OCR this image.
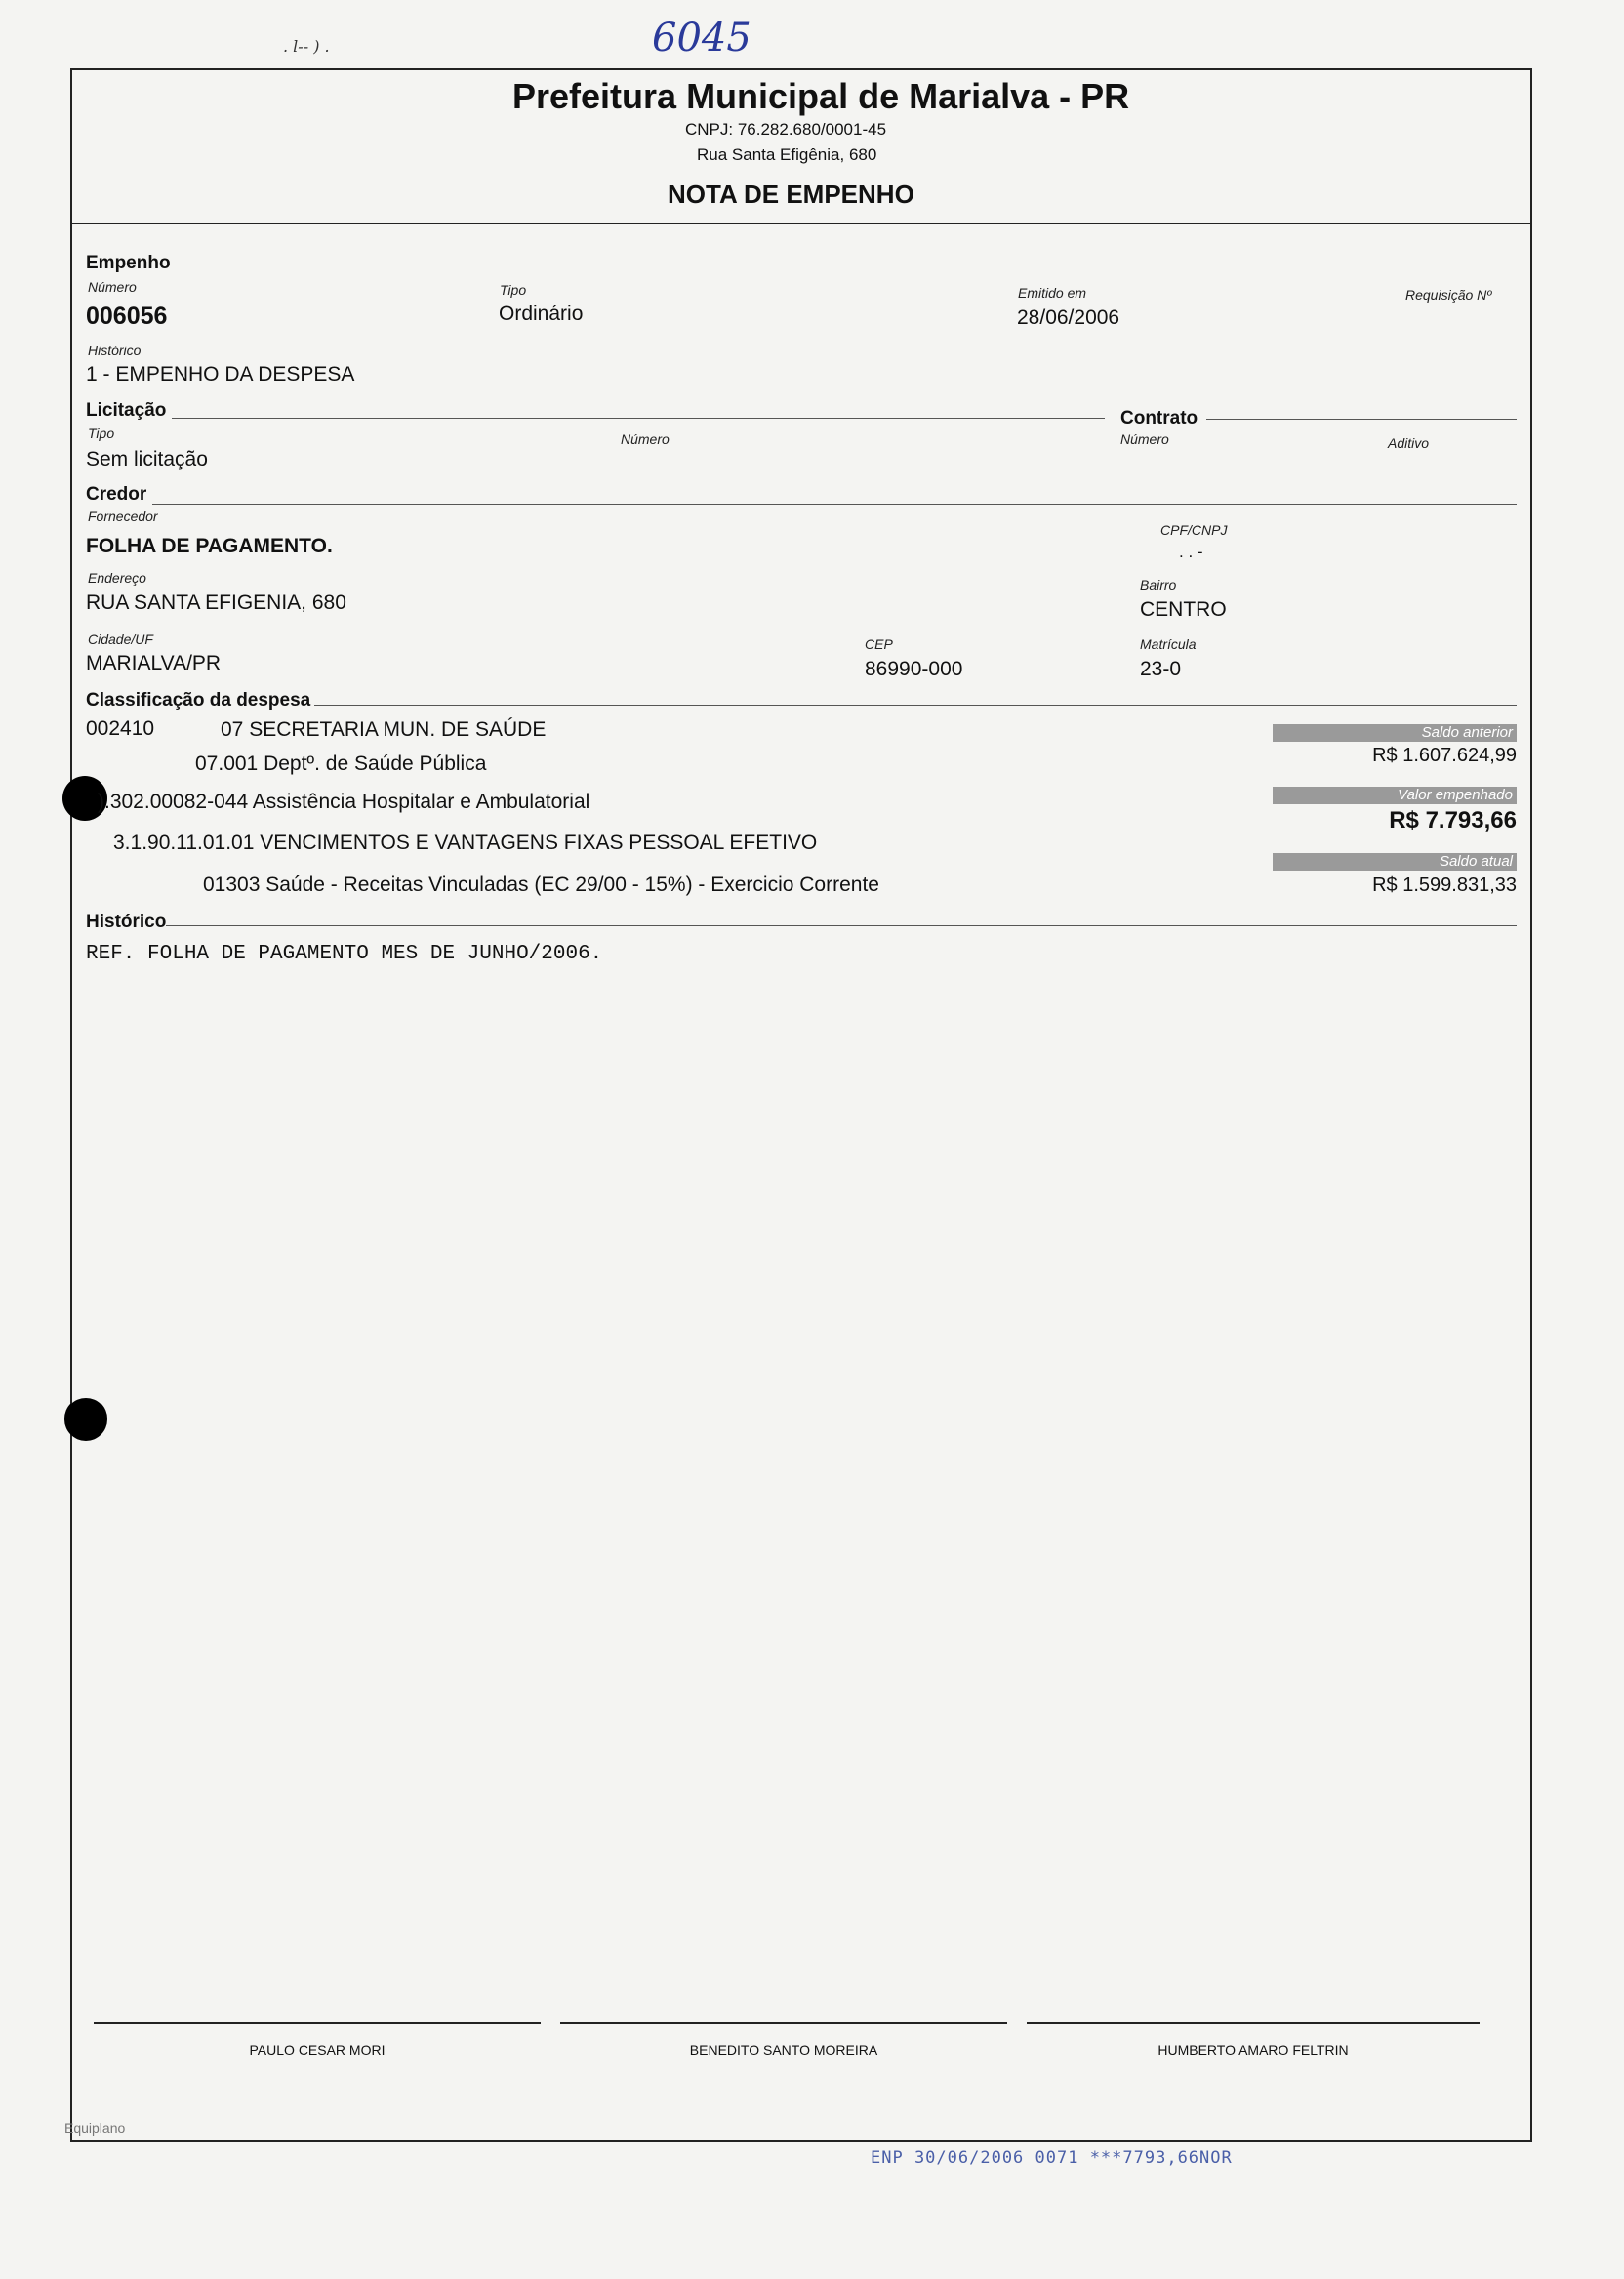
. l-- ) .	6045
Prefeitura Municipal de Marialva - PR
CNPJ: 76.282.680/0001-45
Rua Santa Efigênia, 680
NOTA DE EMPENHO
Empenho
Número
006056
Tipo
Ordinário
Emitido em
28/06/2006
Requisição Nº
Histórico
1 - EMPENHO DA DESPESA
Licitação
Tipo
Sem licitação
Número
Contrato
Número	Aditivo
Credor
Fornecedor
FOLHA DE PAGAMENTO.
CPF/CNPJ
. . -
Endereço
RUA SANTA EFIGENIA, 680
Bairro
CENTRO
Cidade/UF
MARIALVA/PR
CEP
86990-000
Matrícula
23-0
Classificação da despesa
002410	07 SECRETARIA MUN. DE SAÚDE
07.001 Deptº. de Saúde Pública
).302.00082-044 Assistência Hospitalar e Ambulatorial
3.1.90.11.01.01 VENCIMENTOS E VANTAGENS FIXAS PESSOAL EFETIVO
01303 Saúde - Receitas Vinculadas (EC 29/00 - 15%) - Exercicio Corrente
Saldo anterior
R$ 1.607.624,99
Valor empenhado
R$ 7.793,66
Saldo atual
R$ 1.599.831,33
Histórico
REF. FOLHA DE PAGAMENTO MES DE JUNHO/2006.
PAULO CESAR MORI	BENEDITO SANTO MOREIRA	HUMBERTO AMARO FELTRIN
Equiplano
ENP 30/06/2006 0071 ***7793,66NOR
